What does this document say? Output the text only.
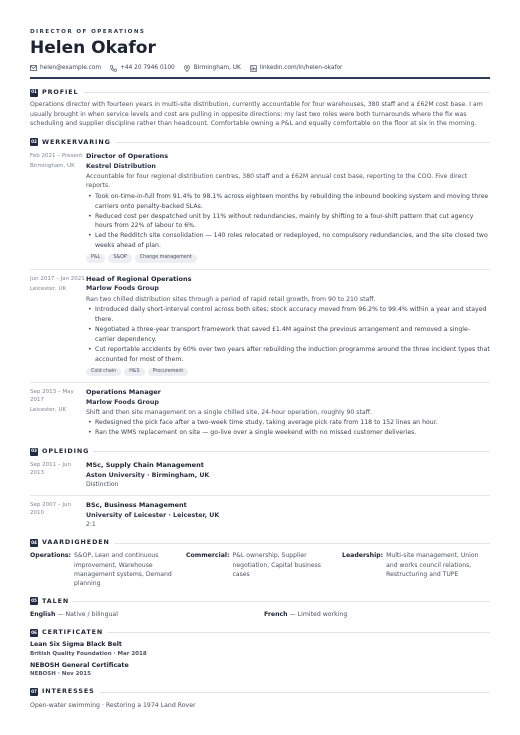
DIRECTOR OF OPERATIONS
Helen Okafor
helen@example.com	+44 20 7946 0100	Birmingham, UK	linkedin.com/in/helen-okafor
01 PROFIEL

Operations director with fourteen years in multi-site distribution, currently accountable for four warehouses, 380 staff and a £62M cost base. I am usually brought in when service levels and cost are pulling in opposite directions: my last two roles were both turnarounds where the fix was scheduling and supplier discipline rather than headcount. Comfortable owning a P&L and equally comfortable on the floor at six in the morning.

02 WERKERVARING
Feb 2021 – Present
Birmingham, UK
Director of Operations
Kestrel Distribution
Accountable for four regional distribution centres, 380 staff and a £62M annual cost base, reporting to the COO. Five direct reports.
• Took on-time-in-full from 91.4% to 98.1% across eighteen months by rebuilding the inbound booking system and moving three carriers onto penalty-backed SLAs.
• Reduced cost per despatched unit by 11% without redundancies, mainly by shifting to a four-shift pattern that cut agency hours from 22% of labour to 6%.
• Led the Redditch site consolidation — 140 roles relocated or redeployed, no compulsory redundancies, and the site closed two weeks ahead of plan.
P&L	S&OP	Change management
Jun 2017 – Jan 2021
Leicester, UK
Head of Regional Operations
Marlow Foods Group
Ran two chilled distribution sites through a period of rapid retail growth, from 90 to 210 staff.
• Introduced daily short-interval control across both sites; stock accuracy moved from 96.2% to 99.4% within a year and stayed there.
• Negotiated a three-year transport framework that saved £1.4M against the previous arrangement and removed a single-carrier dependency.
• Cut reportable accidents by 60% over two years after rebuilding the induction programme around the three incident types that accounted for most of them.
Cold chain	H&S	Procurement
Sep 2013 – May 2017
Leicester, UK
Operations Manager
Marlow Foods Group
Shift and then site management on a single chilled site, 24-hour operation, roughly 90 staff.
• Redesigned the pick face after a two-week time study, taking average pick rate from 118 to 152 lines an hour.
• Ran the WMS replacement on site — go-live over a single weekend with no missed customer deliveries.
03 OPLEIDING
Sep 2011 – Jun 2013
MSc, Supply Chain Management
Aston University · Birmingham, UK
Distinction
Sep 2007 – Jun 2010
BSc, Business Management
University of Leicester · Leicester, UK
2:1
04 VAARDIGHEDEN
Operations: S&OP, Lean and continuous improvement, Warehouse management systems, Demand planning
Commercial: P&L ownership, Supplier negotiation, Capital business cases
Leadership: Multi-site management, Union and works council relations, Restructuring and TUPE
05 TALEN
English — Native / bilingual	French — Limited working
06 CERTIFICATEN
Lean Six Sigma Black Belt
British Quality Foundation · Mar 2018
NEBOSH General Certificate
NEBOSH · Nov 2015
07 INTERESSES
Open-water swimming · Restoring a 1974 Land Rover
